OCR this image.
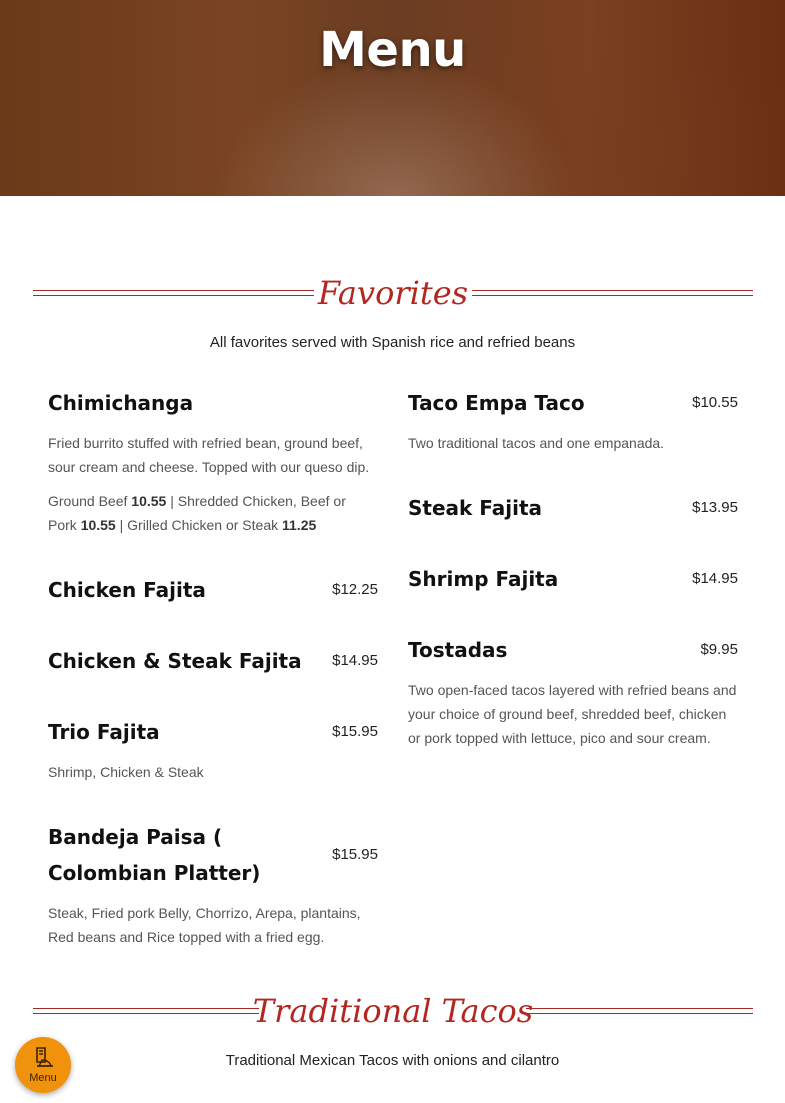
Menu
Favorites
All favorites served with Spanish rice and refried beans
Chimichanga
Fried burrito stuffed with refried bean, ground beef, sour cream and cheese. Topped with our queso dip.
Ground Beef 10.55 | Shredded Chicken, Beef or Pork 10.55 | Grilled Chicken or Steak 11.25
Chicken Fajita	$12.25
Chicken & Steak Fajita	$14.95
Trio Fajita	$15.95
Shrimp, Chicken & Steak
Bandeja Paisa ( Colombian Platter)
$15.95
Steak, Fried pork Belly, Chorrizo, Arepa, plantains, Red beans and Rice topped with a fried egg.
Taco Empa Taco	$10.55
Two traditional tacos and one empanada.
Steak Fajita	$13.95
Shrimp Fajita	$14.95
Tostadas	$9.95
Two open-faced tacos layered with refried beans and your choice of ground beef, shredded beef, chicken or pork topped with lettuce, pico and sour cream.
Traditional Tacos
Traditional Mexican Tacos with onions and cilantro
Menu
